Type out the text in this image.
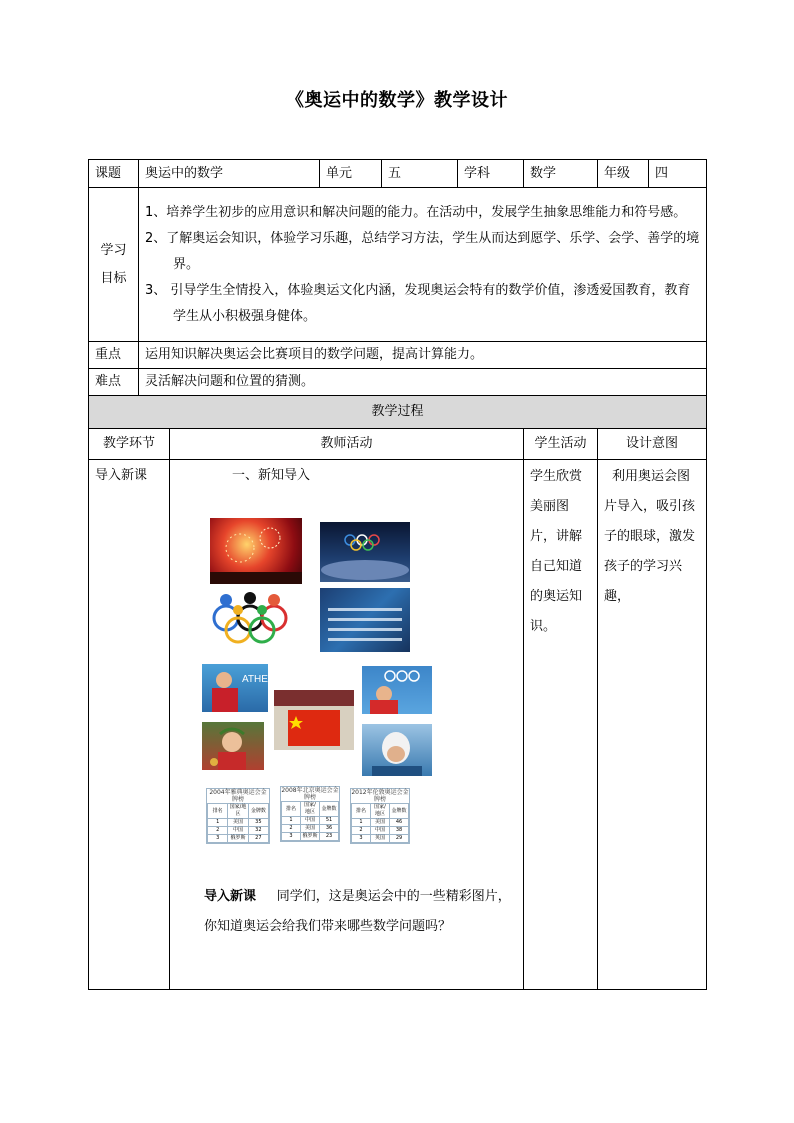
《奥运中的数学》教学设计
课题	奥运中的数学	单元	五	学科	数学	年级	四

学习
目标

1、培养学生初步的应用意识和解决问题的能力。在活动中，发展学生抽象思维能力和符号感。
2、了解奥运会知识，体验学习乐趣，总结学习方法，学生从而达到愿学、乐学、会学、善学的境界。
3、 引导学生全情投入，体验奥运文化内涵，发现奥运会特有的数学价值，渗透爱国教育，教育学生从小积极强身健体。

重点	运用知识解决奥运会比赛项目的数学问题，提高计算能力。
难点	灵活解决问题和位置的猜测。
教学过程
教学环节	教师活动	学生活动	设计意图
导入新课	一、新知导入
ATHE
2004年雅典奥运会金牌榜
排名	国家/地区	金牌数
1	美国	35
2	中国	32
3	俄罗斯	27
2008年北京奥运会金牌榜
排名	国家/地区	金牌数
1	中国	51
2	美国	36
3	俄罗斯	23
2012年伦敦奥运会金牌榜
排名	国家/地区	金牌数
1	美国	46
2	中国	38
3	英国	29
导入新课 同学们，这是奥运会中的一些精彩图片，你知道奥运会给我们带来哪些数学问题吗？
	学生欣赏美丽图片，讲解自己知道的奥运知识。	利用奥运会图片导入，吸引孩子的眼球，激发孩子的学习兴趣，
